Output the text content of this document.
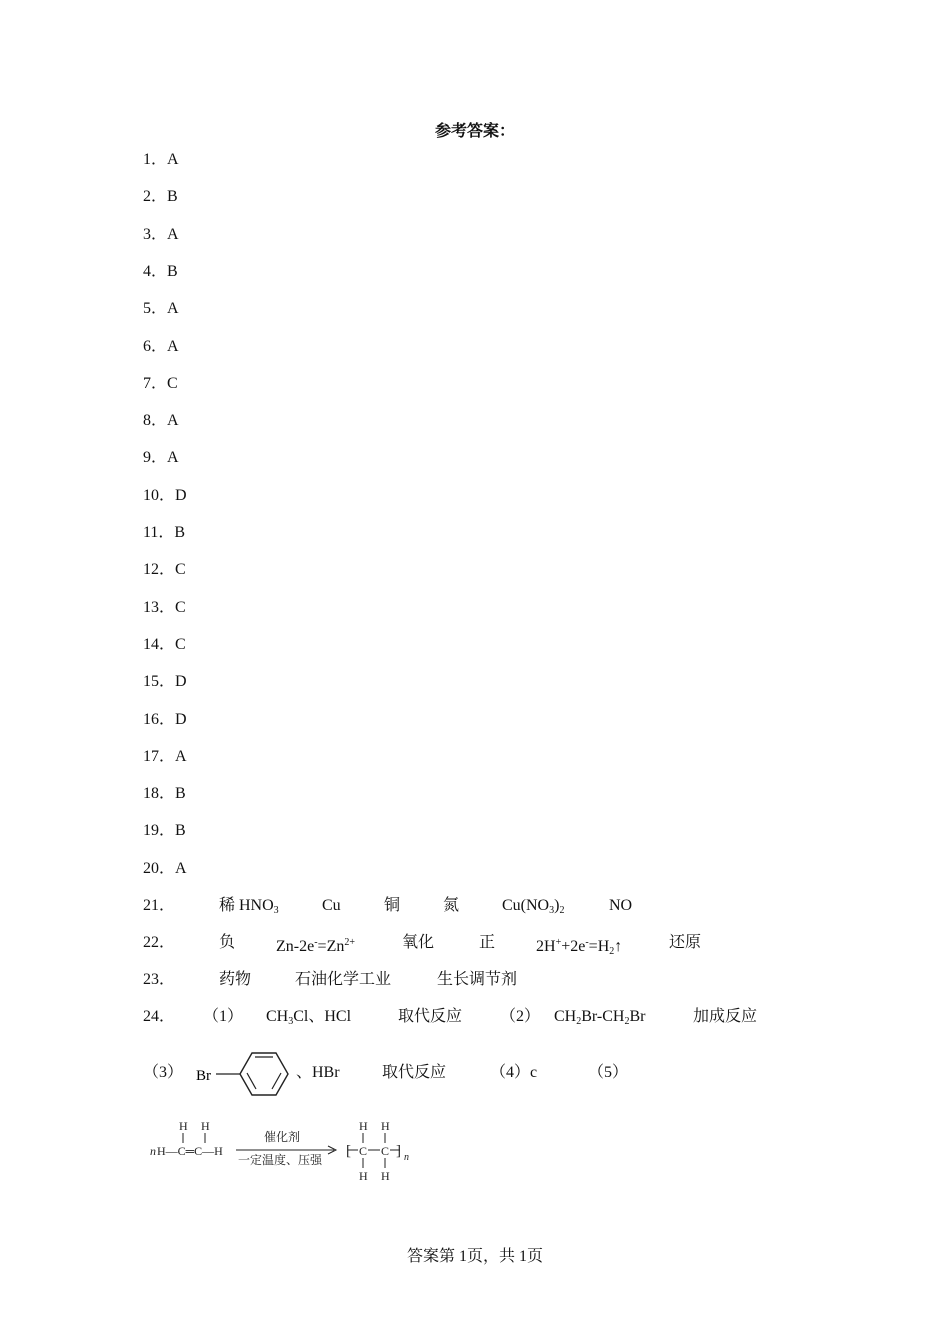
参考答案：
1．A
2．B
3．A
4．B
5．A
6．A
7．C
8．A
9．A
10．D
11．B
12．C
13．C
14．C
15．D
16．D
17．A
18．B
19．B
20．A
21．	稀 $HNO_3$	Cu	铜	氮	$Cu(NO_3)_2$	NO
22．	负	$Zn-2e^-=Zn^{2+}$	氧化	正	$2H^++2e^-=H_2↑$	还原
23．	药物	石油化学工业	生长调节剂
24． （1） $CH_3Cl$、HCl	取代反应 （2） $CH_2Br-CH_2Br$	加成反应
（3） Br	、HBr	取代反应	（4）c	（5）
n H—C═C—H
H H
催化剂
一定温度、压强
[
H H
C C
H H
] n
答案第 1页，共 1页
